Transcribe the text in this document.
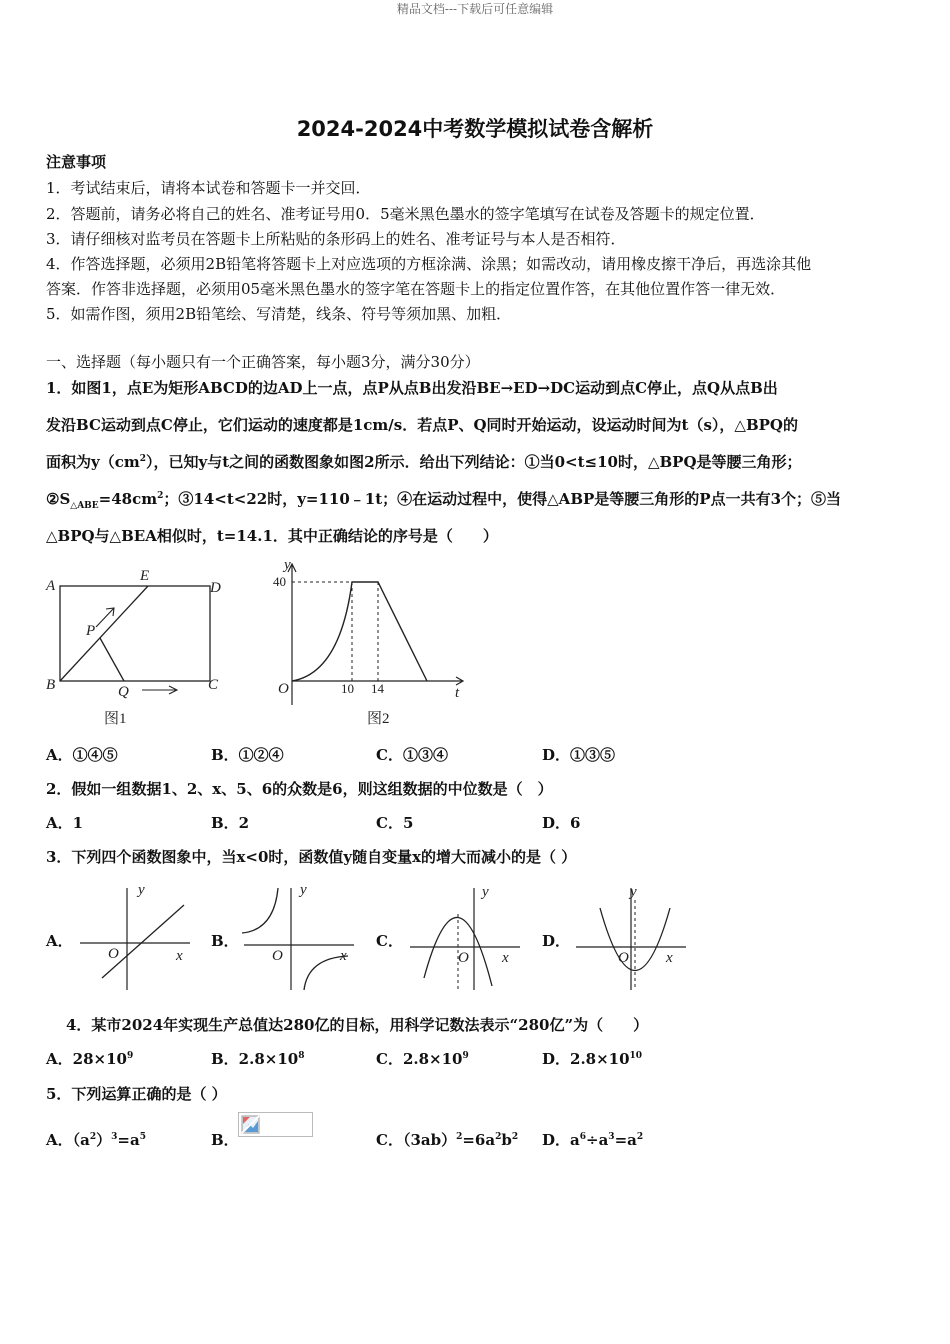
精品文档---下载后可任意编辑
2024-2024中考数学模拟试卷含解析
注意事项
1．考试结束后，请将本试卷和答题卡一并交回．
2．答题前，请务必将自己的姓名、准考证号用0．5毫米黑色墨水的签字笔填写在试卷及答题卡的规定位置．
3．请仔细核对监考员在答题卡上所粘贴的条形码上的姓名、准考证号与本人是否相符．
4．作答选择题，必须用2B铅笔将答题卡上对应选项的方框涂满、涂黑；如需改动，请用橡皮擦干净后，再选涂其他
答案．作答非选择题，必须用05毫米黑色墨水的签字笔在答题卡上的指定位置作答，在其他位置作答一律无效．
5．如需作图，须用2B铅笔绘、写清楚，线条、符号等须加黑、加粗．
一、选择题（每小题只有一个正确答案，每小题3分，满分30分）
1．如图1，点E为矩形ABCD的边AD上一点，点P从点B出发沿BE→ED→DC运动到点C停止，点Q从点B出
发沿BC运动到点C停止，它们运动的速度都是1cm/s．若点P、Q同时开始运动，设运动时间为t（s），△BPQ的
面积为$y(cm^2)$，已知y与t之间的函数图象如图2所示．给出下列结论：①当0<t≤10时，△BPQ是等腰三角形；
$②S_{\triangle ABE}=48cm^2$；③14<t<22时，y=110﹣1t；④在运动过程中，使得△ABP是等腰三角形的P点一共有3个；⑤当
△BPQ与△BEA相似时，t=14.1．其中正确结论的序号是（　　）
A
E
D
P
B	Q	C
图1
y
40
O	10 14	t
图2
A．①④⑤	B．①②④	C．①③④	D．①③⑤
2．假如一组数据1、2、x、5、6的众数是6，则这组数据的中位数是（　）
A．1	B．2	C．5	D．6
3．下列四个函数图象中，当x<0时，函数值y随自变量x的增大而减小的是（ ）
A．
y
x
O
B．
y
x
O
C．
y
x
O
D．
y
x
O
4．某市2024年实现生产总值达280亿的目标，用科学记数法表示“280亿”为（　　）
A．$28\times 10^9$	B．$2.8\times 10^8$	C．$2.8\times 10^9$	D．$2.8\times 10^{10}$
5．下列运算正确的是（ ）
A．$(a^2)^3=a^5$	B．	C．$(3ab)^2=6a^2b^2$ D．$a^6\div a^3=a^2$
